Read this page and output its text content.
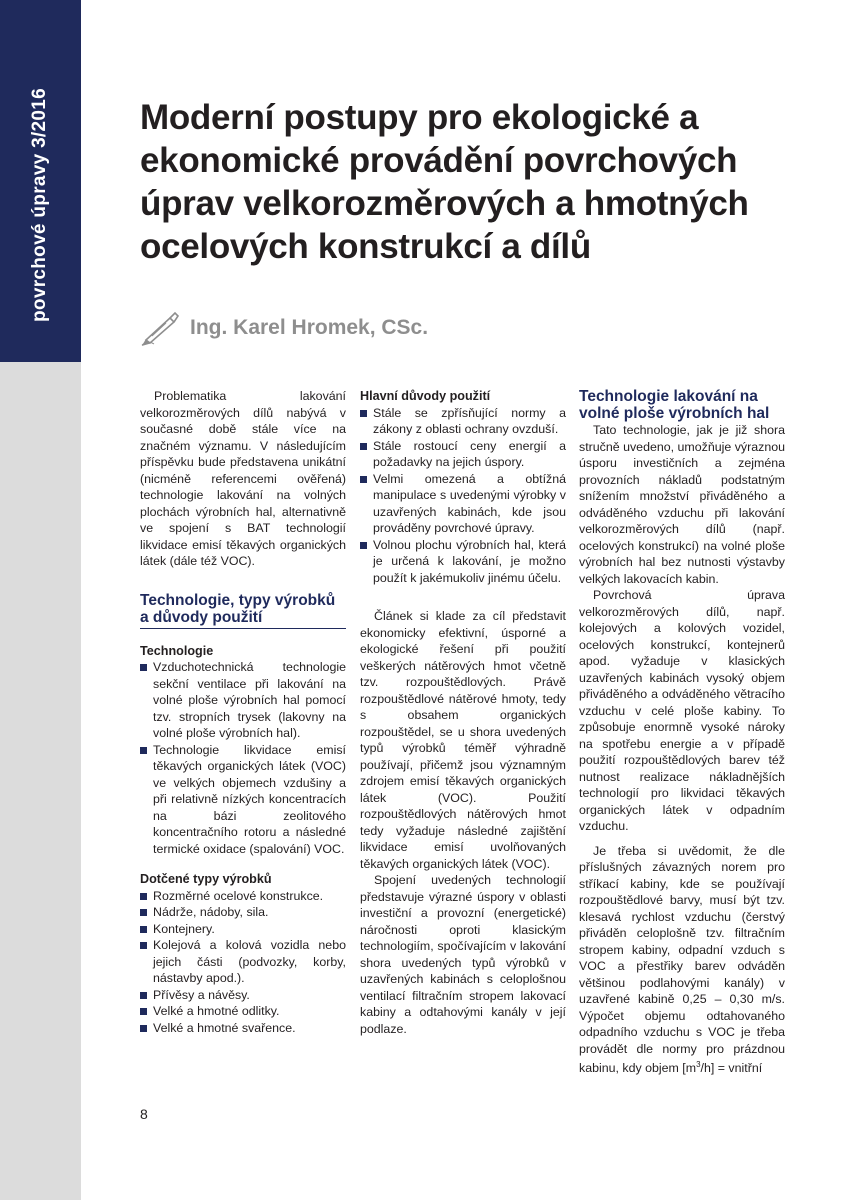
povrchové úpravy 3/2016	Moderní postupy pro ekologické a ekonomické provádění povrchových úprav velkorozměrových a hmotných ocelových konstrukcí a dílů
Ing. Karel Hromek, CSc.

Problematika lakování velkorozměrových dílů nabývá v současné době stále více na značném významu. V následujícím příspěvku bude představena unikátní (nicméně referencemi ověřená) technologie lakování na volných plochách výrobních hal, alternativně ve spojení s BAT technologií likvidace emisí těkavých organických látek (dále též VOC).

Technologie, typy výrobků a důvody použití
Technologie
Vzduchotechnická technologie sekční ventilace při lakování na volné ploše výrobních hal pomocí tzv. stropních trysek (lakovny na volné ploše výrobních hal).
Technologie likvidace emisí těkavých organických látek (VOC) ve velkých objemech vzdušiny a při relativně nízkých koncentracích na bázi zeolitového koncentračního rotoru a následné termické oxidace (spalování) VOC.
Dotčené typy výrobků
Rozměrné ocelové konstrukce.
Nádrže, nádoby, sila.
Kontejnery.
Kolejová a kolová vozidla nebo jejich části (podvozky, korby, nástavby apod.).
Přívěsy a návěsy.
Velké a hmotné odlitky.
Velké a hmotné svařence.
Hlavní důvody použití
Stále se zpřísňující normy a zákony z oblasti ochrany ovzduší.
Stále rostoucí ceny energií a požadavky na jejich úspory.
Velmi omezená a obtížná manipulace s uvedenými výrobky v uzavřených kabinách, kde jsou prováděny povrchové úpravy.
Volnou plochu výrobních hal, která je určená k lakování, je možno použít k jakémukoliv jinému účelu.

Článek si klade za cíl představit ekonomicky efektivní, úsporné a ekologické řešení při použití veškerých nátěrových hmot včetně tzv. rozpouštědlových. Právě rozpouštědlové nátěrové hmoty, tedy s obsahem organických rozpouštědel, se u shora uvedených typů výrobků téměř výhradně používají, přičemž jsou významným zdrojem emisí těkavých organických látek (VOC). Použití rozpouštědlových nátěrových hmot tedy vyžaduje následné zajištění likvidace emisí uvolňovaných těkavých organických látek (VOC).

Spojení uvedených technologií představuje výrazné úspory v oblasti investiční a provozní (energetické) náročnosti oproti klasickým technologiím, spočívajícím v lakování shora uvedených typů výrobků v uzavřených kabinách s celoplošnou ventilací filtračním stropem lakovací kabiny a odtahovými kanály v její podlaze.

Technologie lakování na volné ploše výrobních hal

Tato technologie, jak je již shora stručně uvedeno, umožňuje výraznou úsporu investičních a zejména provozních nákladů podstatným snížením množství přiváděného a odváděného vzduchu při lakování velkorozměrových dílů (např. ocelových konstrukcí) na volné ploše výrobních hal bez nutnosti výstavby velkých lakovacích kabin.

Povrchová úprava velkorozměrových dílů, např. kolejových a kolových vozidel, ocelových konstrukcí, kontejnerů apod. vyžaduje v klasických uzavřených kabinách vysoký objem přiváděného a odváděného větracího vzduchu v celé ploše kabiny. To způsobuje enormně vysoké nároky na spotřebu energie a v případě použití rozpouštědlových barev též nutnost realizace nákladnějších technologií pro likvidaci těkavých organických látek v odpadním vzduchu.

Je třeba si uvědomit, že dle příslušných závazných norem pro stříkací kabiny, kde se používají rozpouštědlové barvy, musí být tzv. klesavá rychlost vzduchu (čerstvý přiváděn celoplošně tzv. filtračním stropem kabiny, odpadní vzduch s VOC a přestřiky barev odváděn většinou podlahovými kanály) v uzavřené kabině 0,25 – 0,30 m/s. Výpočet objemu odtahovaného odpadního vzduchu s VOC je třeba provádět dle normy pro prázdnou kabinu, kdy objem $[m^3/h]$ = vnitřní

8
